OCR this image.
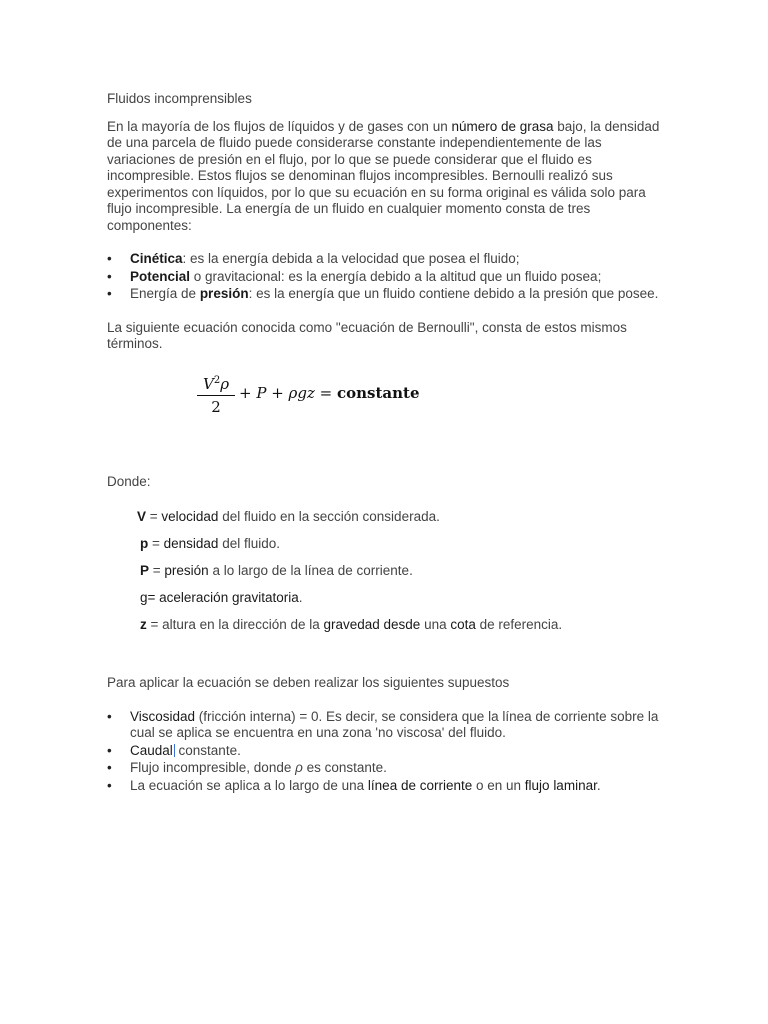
Fluidos incomprensibles

En la mayoría de los flujos de líquidos y de gases con un número de grasa bajo, la densidad de una parcela de fluido puede considerarse constante independientemente de las variaciones de presión en el flujo, por lo que se puede considerar que el fluido es incompresible. Estos flujos se denominan flujos incompresibles. Bernoulli realizó sus experimentos con líquidos, por lo que su ecuación en su forma original es válida solo para flujo incompresible. La energía de un fluido en cualquier momento consta de tres componentes:

• Cinética: es la energía debida a la velocidad que posea el fluido;
• Potencial o gravitacional: es la energía debido a la altitud que un fluido posea;
• Energía de presión: es la energía que un fluido contiene debido a la presión que posee.

La siguiente ecuación conocida como "ecuación de Bernoulli", consta de estos mismos términos.

$V^2\rho$
2
+ P + ρgz = constante

Donde:

V = velocidad del fluido en la sección considerada.

p = densidad del fluido.

P = presión a lo largo de la línea de corriente.

g= aceleración gravitatoria.

z = altura en la dirección de la gravedad desde una cota de referencia.

Para aplicar la ecuación se deben realizar los siguientes supuestos

• Viscosidad (fricción interna) = 0. Es decir, se considera que la línea de corriente sobre la cual se aplica se encuentra en una zona 'no viscosa' del fluido.
• Caudal constante.
• Flujo incompresible, donde ρ es constante.
• La ecuación se aplica a lo largo de una línea de corriente o en un flujo laminar.
